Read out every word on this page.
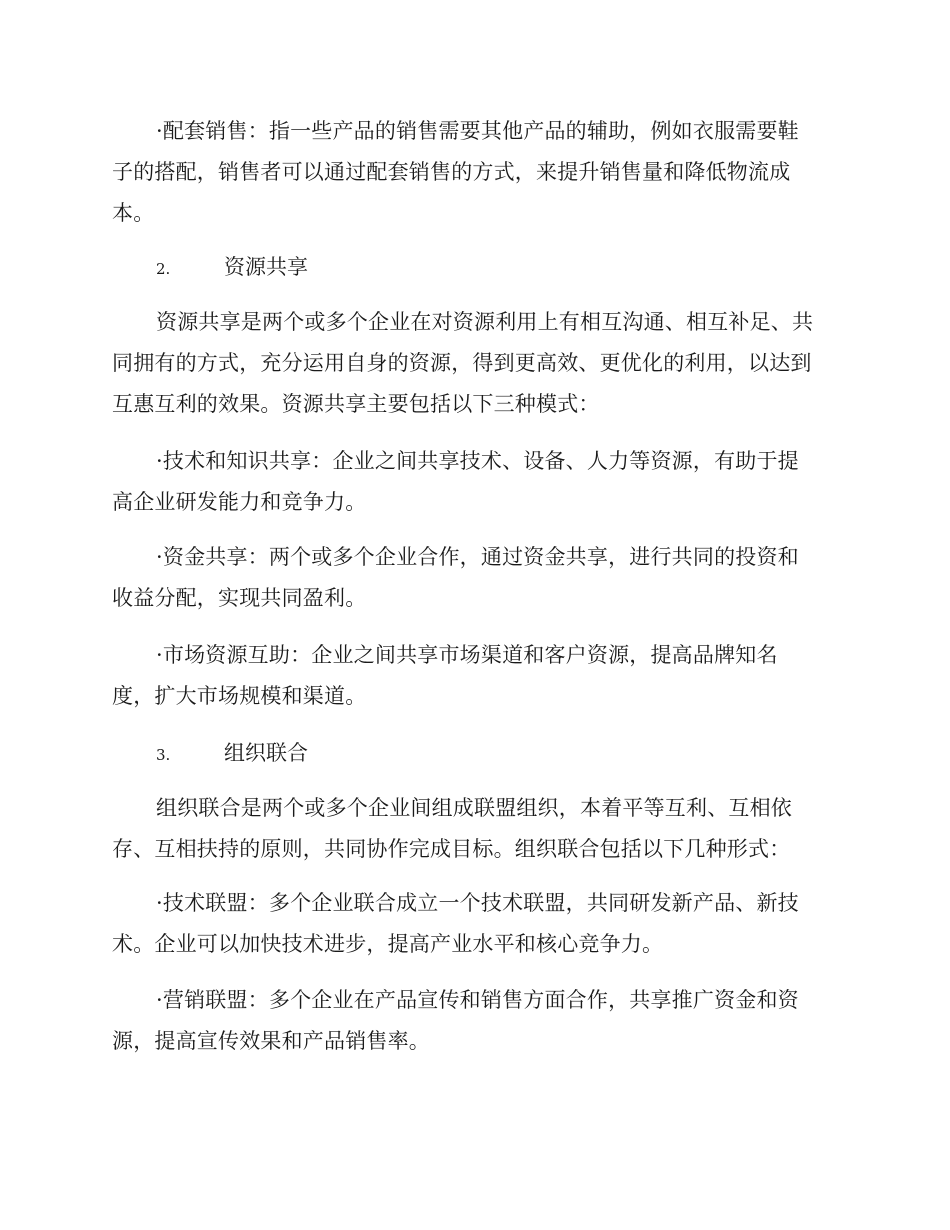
·配套销售：指一些产品的销售需要其他产品的辅助，例如衣服需要鞋
子的搭配，销售者可以通过配套销售的方式，来提升销售量和降低物流成
本。
2.	资源共享
资源共享是两个或多个企业在对资源利用上有相互沟通、相互补足、共
同拥有的方式，充分运用自身的资源，得到更高效、更优化的利用，以达到
互惠互利的效果。资源共享主要包括以下三种模式：
·技术和知识共享：企业之间共享技术、设备、人力等资源，有助于提
高企业研发能力和竞争力。
·资金共享：两个或多个企业合作，通过资金共享，进行共同的投资和
收益分配，实现共同盈利。
·市场资源互助：企业之间共享市场渠道和客户资源，提高品牌知名
度，扩大市场规模和渠道。
3.	组织联合
组织联合是两个或多个企业间组成联盟组织，本着平等互利、互相依
存、互相扶持的原则，共同协作完成目标。组织联合包括以下几种形式：
·技术联盟：多个企业联合成立一个技术联盟，共同研发新产品、新技
术。企业可以加快技术进步，提高产业水平和核心竞争力。
·营销联盟：多个企业在产品宣传和销售方面合作，共享推广资金和资
源，提高宣传效果和产品销售率。
